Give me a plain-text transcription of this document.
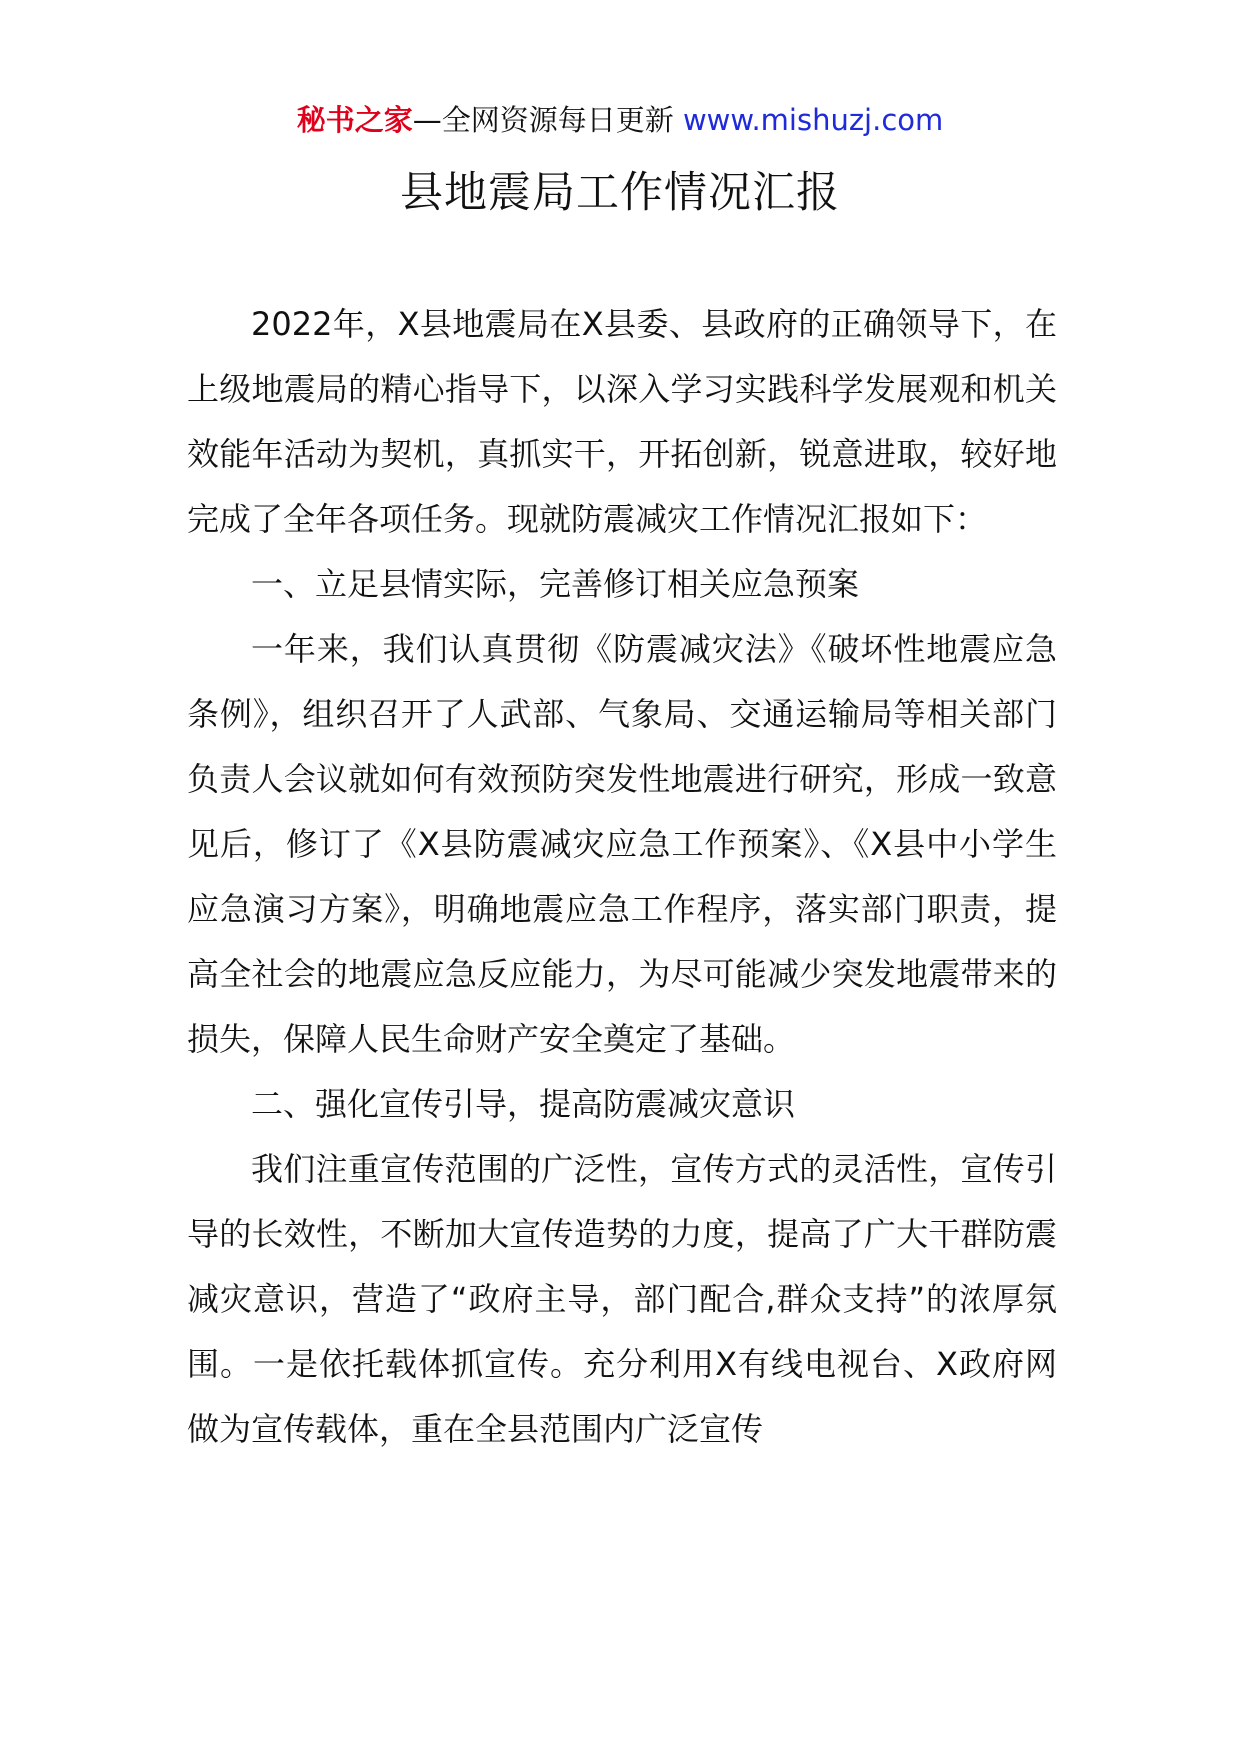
秘书之家—全网资源每日更新 www.mishuzj.com
县地震局工作情况汇报

2022年，X县地震局在X县委、县政府的正确领导下，在上级地震局的精心指导下，以深入学习实践科学发展观和机关效能年活动为契机，真抓实干，开拓创新，锐意进取，较好地完成了全年各项任务。现就防震减灾工作情况汇报如下：

一、立足县情实际，完善修订相关应急预案

一年来，我们认真贯彻《防震减灾法》《破坏性地震应急条例》，组织召开了人武部、气象局、交通运输局等相关部门负责人会议就如何有效预防突发性地震进行研究，形成一致意见后，修订了《X县防震减灾应急工作预案》、《X县中小学生应急演习方案》，明确地震应急工作程序，落实部门职责，提高全社会的地震应急反应能力，为尽可能减少突发地震带来的损失，保障人民生命财产安全奠定了基础。

二、强化宣传引导，提高防震减灾意识

我们注重宣传范围的广泛性，宣传方式的灵活性，宣传引导的长效性，不断加大宣传造势的力度，提高了广大干群防震减灾意识，营造了“政府主导，部门配合,群众支持”的浓厚氛围。一是依托载体抓宣传。充分利用X有线电视台、X政府网做为宣传载体，重在全县范围内广泛宣传
